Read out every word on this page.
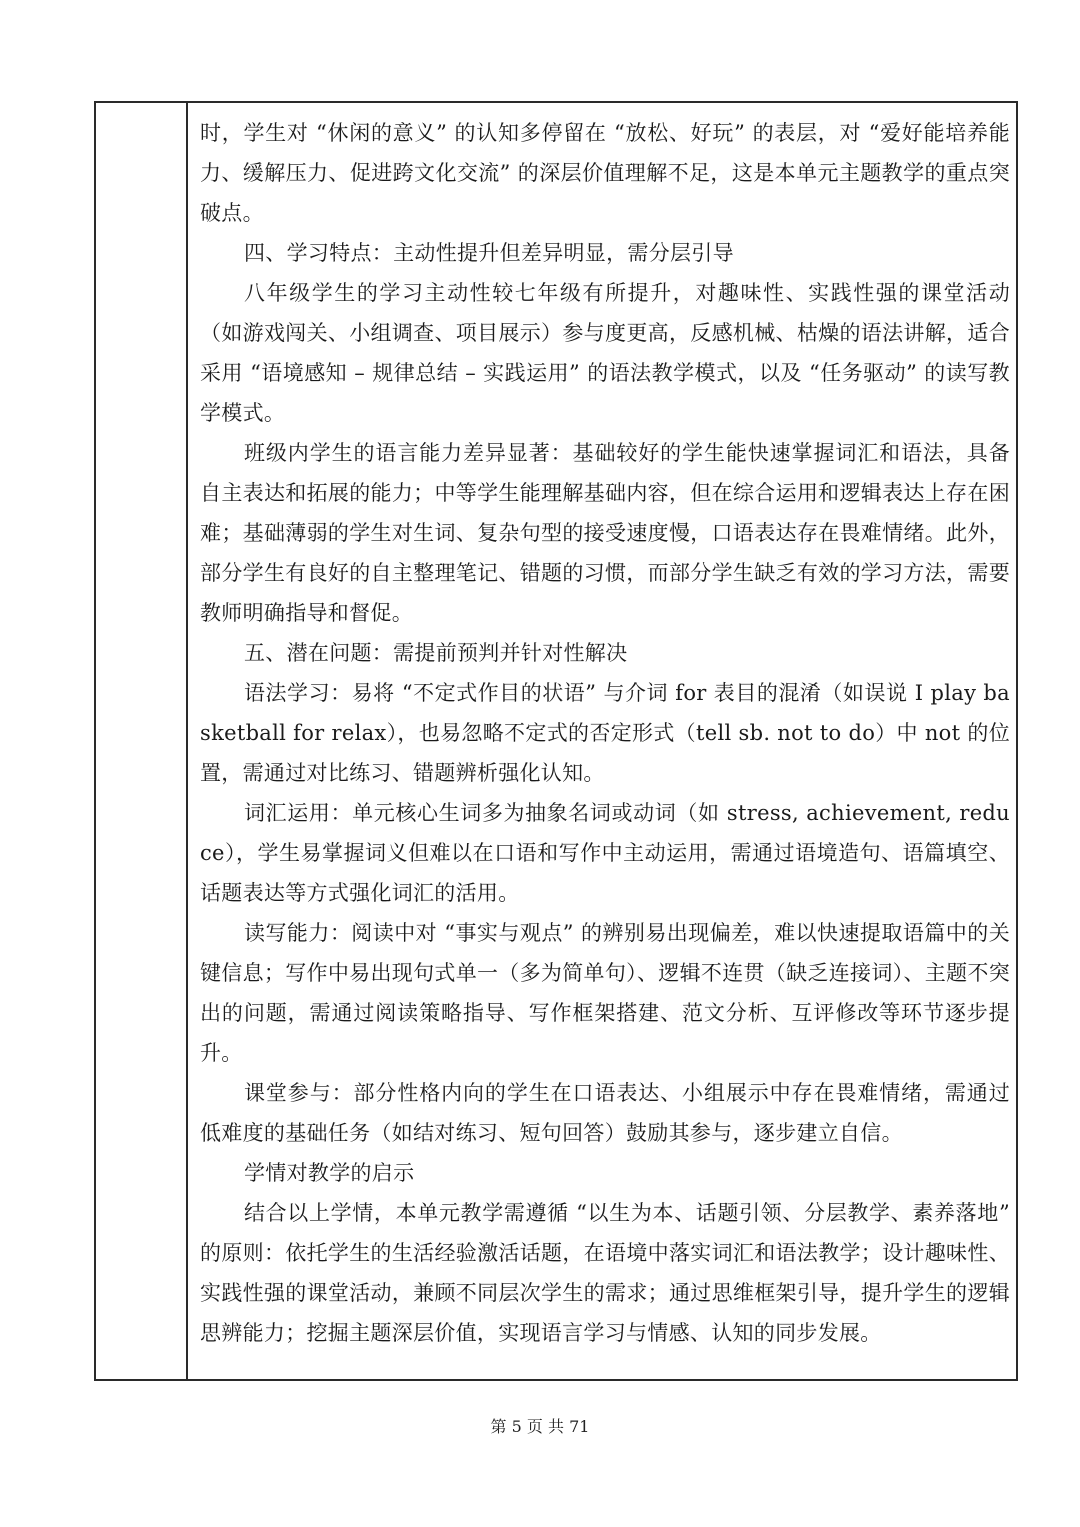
时，学生对 “休闲的意义” 的认知多停留在 “放松、好玩” 的表层，对 “爱好能培养能力、缓解压力、促进跨文化交流” 的深层价值理解不足，这是本单元主题教学的重点突破点。

四、学习特点：主动性提升但差异明显，需分层引导

八年级学生的学习主动性较七年级有所提升，对趣味性、实践性强的课堂活动（如游戏闯关、小组调查、项目展示）参与度更高，反感机械、枯燥的语法讲解，适合采用 “语境感知 – 规律总结 – 实践运用” 的语法教学模式，以及 “任务驱动” 的读写教学模式。

班级内学生的语言能力差异显著：基础较好的学生能快速掌握词汇和语法，具备自主表达和拓展的能力；中等学生能理解基础内容，但在综合运用和逻辑表达上存在困难；基础薄弱的学生对生词、复杂句型的接受速度慢，口语表达存在畏难情绪。此外，部分学生有良好的自主整理笔记、错题的习惯，而部分学生缺乏有效的学习方法，需要教师明确指导和督促。

五、潜在问题：需提前预判并针对性解决

语法学习：易将 “不定式作目的状语” 与介词 for 表目的混淆（如误说 I play basketball for relax），也易忽略不定式的否定形式（tell sb. not to do）中 not 的位置，需通过对比练习、错题辨析强化认知。

词汇运用：单元核心生词多为抽象名词或动词（如 stress, achievement, reduce），学生易掌握词义但难以在口语和写作中主动运用，需通过语境造句、语篇填空、话题表达等方式强化词汇的活用。

读写能力：阅读中对 “事实与观点” 的辨别易出现偏差，难以快速提取语篇中的关键信息；写作中易出现句式单一（多为简单句）、逻辑不连贯（缺乏连接词）、主题不突出的问题，需通过阅读策略指导、写作框架搭建、范文分析、互评修改等环节逐步提升。

课堂参与：部分性格内向的学生在口语表达、小组展示中存在畏难情绪，需通过低难度的基础任务（如结对练习、短句回答）鼓励其参与，逐步建立自信。

学情对教学的启示

结合以上学情，本单元教学需遵循 “以生为本、话题引领、分层教学、素养落地” 的原则：依托学生的生活经验激活话题，在语境中落实词汇和语法教学；设计趣味性、实践性强的课堂活动，兼顾不同层次学生的需求；通过思维框架引导，提升学生的逻辑思辨能力；挖掘主题深层价值，实现语言学习与情感、认知的同步发展。

第 5 页 共 71
